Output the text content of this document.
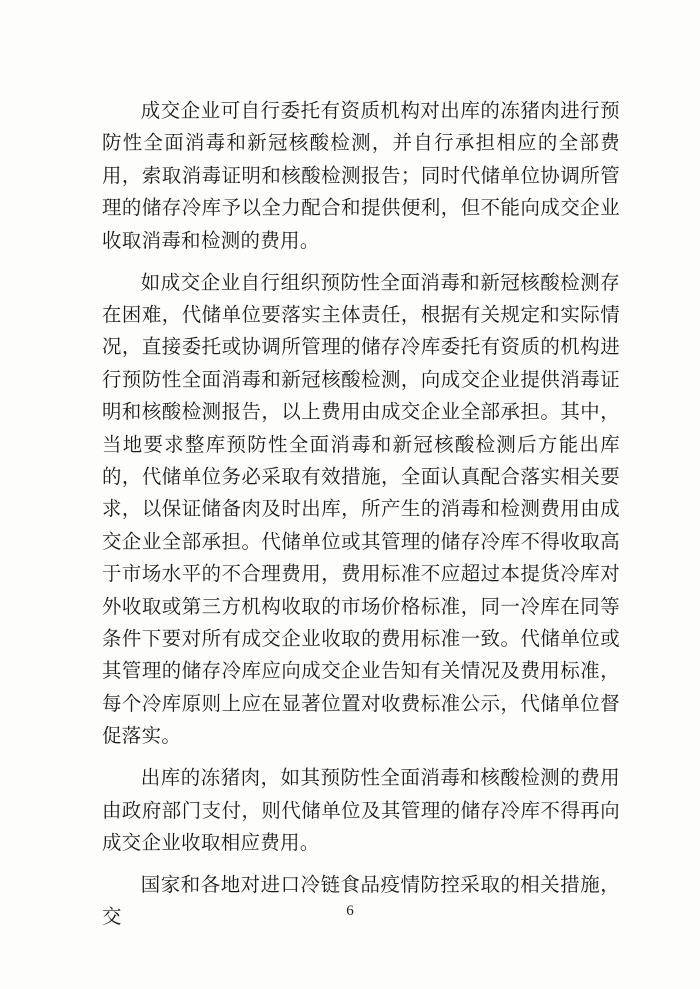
成交企业可自行委托有资质机构对出库的冻猪肉进行预防性全面消毒和新冠核酸检测，并自行承担相应的全部费用，索取消毒证明和核酸检测报告；同时代储单位协调所管理的储存冷库予以全力配合和提供便利，但不能向成交企业收取消毒和检测的费用。

如成交企业自行组织预防性全面消毒和新冠核酸检测存在困难，代储单位要落实主体责任，根据有关规定和实际情况，直接委托或协调所管理的储存冷库委托有资质的机构进行预防性全面消毒和新冠核酸检测，向成交企业提供消毒证明和核酸检测报告，以上费用由成交企业全部承担。其中，当地要求整库预防性全面消毒和新冠核酸检测后方能出库的，代储单位务必采取有效措施，全面认真配合落实相关要求，以保证储备肉及时出库，所产生的消毒和检测费用由成交企业全部承担。代储单位或其管理的储存冷库不得收取高于市场水平的不合理费用，费用标准不应超过本提货冷库对外收取或第三方机构收取的市场价格标准，同一冷库在同等条件下要对所有成交企业收取的费用标准一致。代储单位或其管理的储存冷库应向成交企业告知有关情况及费用标准，每个冷库原则上应在显著位置对收费标准公示，代储单位督促落实。

出库的冻猪肉，如其预防性全面消毒和核酸检测的费用由政府部门支付，则代储单位及其管理的储存冷库不得再向成交企业收取相应费用。

国家和各地对进口冷链食品疫情防控采取的相关措施，交	6
